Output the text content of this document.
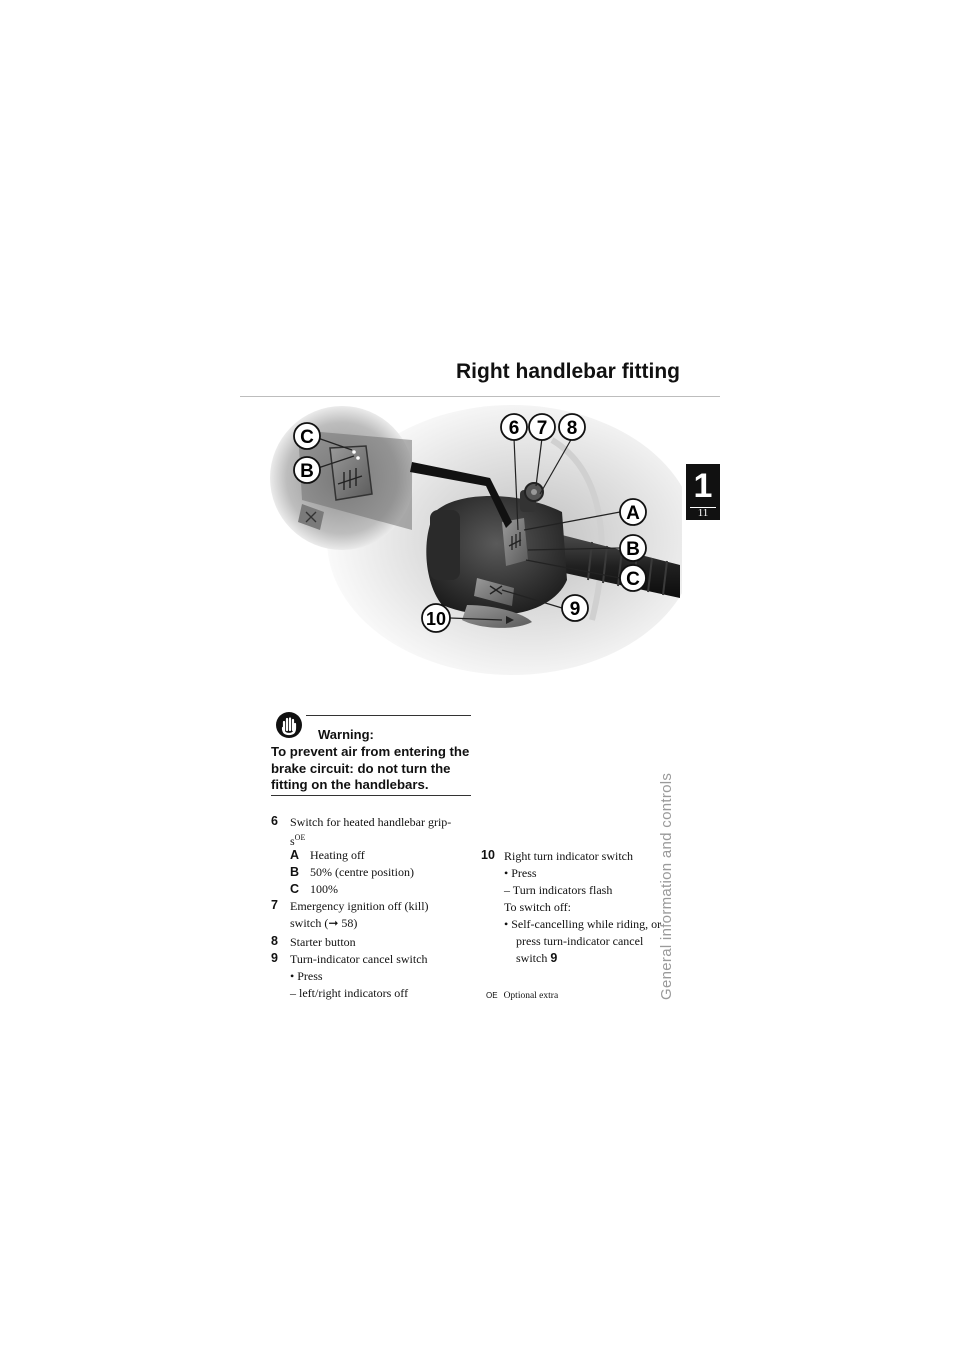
Right handlebar fitting
1
11
General information and controls
6 7 8
A
B
C
9
10
C
B
Warning:
To prevent air from entering the brake circuit: do not turn the fitting on the handlebars.
6 Switch for heated handlebar grip-
s$^{OE}$
A Heating off
B 50% (centre position)
C 100%
7 Emergency ignition off (kill)
switch (➞ 58)
8 Starter button
9 Turn-indicator cancel switch
• Press
– left/right indicators off
10 Right turn indicator switch
• Press
– Turn indicators flash
To switch off:
• Self-cancelling while riding, or
press turn-indicator cancel
switch 9
OE Optional extra
